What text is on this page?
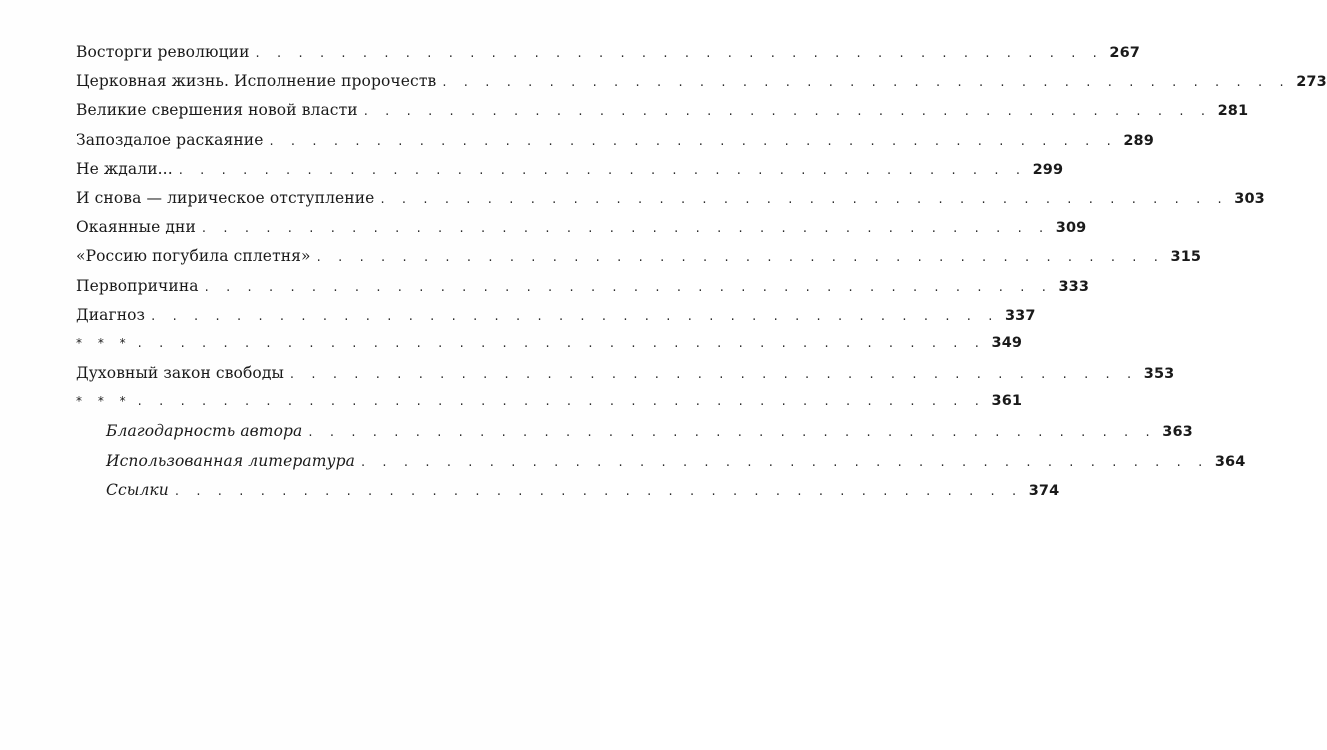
Восторги революции . . . . . . . . . . . . . . . . . . . . . . . . . . . . . . . . . . . . . . . . 267
Церковная жизнь. Исполнение пророчеств . . . . . . . . . . . . . . . . . . . . . . . . . . . . . . . . . . . . . . . . 273
Великие свершения новой власти . . . . . . . . . . . . . . . . . . . . . . . . . . . . . . . . . . . . . . . . 281
Запоздалое раскаяние . . . . . . . . . . . . . . . . . . . . . . . . . . . . . . . . . . . . . . . . 289
Не ждали... . . . . . . . . . . . . . . . . . . . . . . . . . . . . . . . . . . . . . . . . 299
И снова — лирическое отступление . . . . . . . . . . . . . . . . . . . . . . . . . . . . . . . . . . . . . . . . 303
Окаянные дни . . . . . . . . . . . . . . . . . . . . . . . . . . . . . . . . . . . . . . . . 309
«Россию погубила сплетня» . . . . . . . . . . . . . . . . . . . . . . . . . . . . . . . . . . . . . . . . 315
Первопричина . . . . . . . . . . . . . . . . . . . . . . . . . . . . . . . . . . . . . . . . 333
Диагноз . . . . . . . . . . . . . . . . . . . . . . . . . . . . . . . . . . . . . . . . 337
* * * . . . . . . . . . . . . . . . . . . . . . . . . . . . . . . . . . . . . . . . . 349
Духовный закон свободы . . . . . . . . . . . . . . . . . . . . . . . . . . . . . . . . . . . . . . . . 353
* * * . . . . . . . . . . . . . . . . . . . . . . . . . . . . . . . . . . . . . . . . 361
Благодарность автора . . . . . . . . . . . . . . . . . . . . . . . . . . . . . . . . . . . . . . . . 363
Использованная литература . . . . . . . . . . . . . . . . . . . . . . . . . . . . . . . . . . . . . . . . 364
Ссылки . . . . . . . . . . . . . . . . . . . . . . . . . . . . . . . . . . . . . . . . 374
